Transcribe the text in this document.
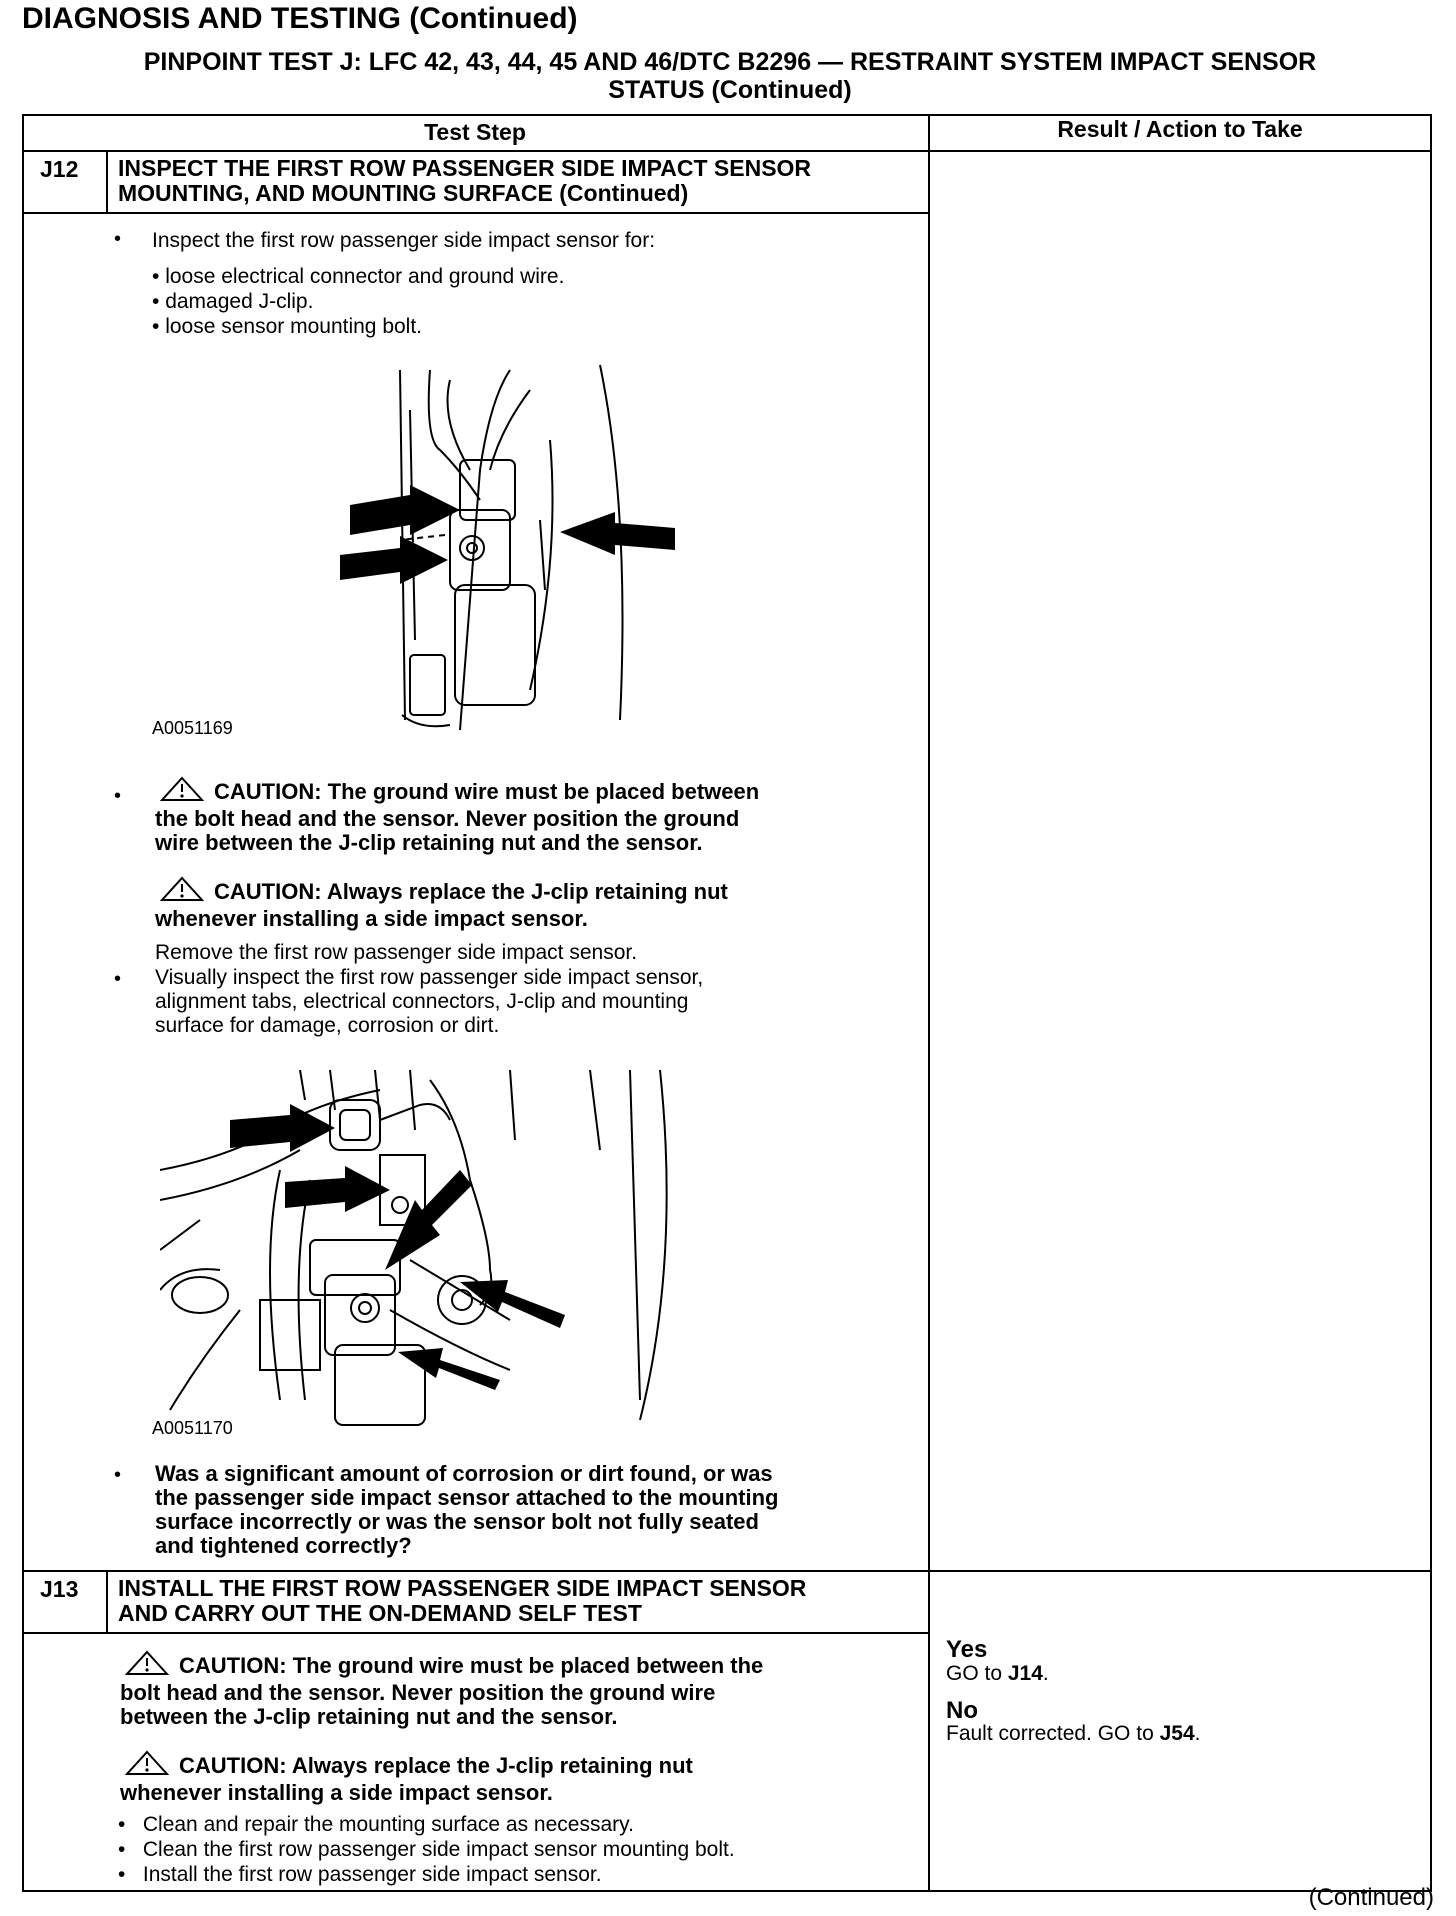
DIAGNOSIS AND TESTING (Continued)
PINPOINT TEST J: LFC 42, 43, 44, 45 AND 46/DTC B2296 — RESTRAINT SYSTEM IMPACT SENSOR
STATUS (Continued)
Test Step	Result / Action to Take
J12 INSPECT THE FIRST ROW PASSENGER SIDE IMPACT SENSOR
MOUNTING, AND MOUNTING SURFACE (Continued)
• Inspect the first row passenger side impact sensor for:
• loose electrical connector and ground wire.
• damaged J-clip.
• loose sensor mounting bolt.
A0051169
•	CAUTION: The ground wire must be placed between
the bolt head and the sensor. Never position the ground
wire between the J-clip retaining nut and the sensor.
CAUTION: Always replace the J-clip retaining nut
whenever installing a side impact sensor.
Remove the first row passenger side impact sensor.
• Visually inspect the first row passenger side impact sensor,
alignment tabs, electrical connectors, J-clip and mounting
surface for damage, corrosion or dirt.
A0051170
• Was a significant amount of corrosion or dirt found, or was
the passenger side impact sensor attached to the mounting
surface incorrectly or was the sensor bolt not fully seated
and tightened correctly?
J13 INSTALL THE FIRST ROW PASSENGER SIDE IMPACT SENSOR
AND CARRY OUT THE ON-DEMAND SELF TEST
CAUTION: The ground wire must be placed between the
bolt head and the sensor. Never position the ground wire
between the J-clip retaining nut and the sensor.
CAUTION: Always replace the J-clip retaining nut
whenever installing a side impact sensor.
•   Clean and repair the mounting surface as necessary.
•   Clean the first row passenger side impact sensor mounting bolt.
•   Install the first row passenger side impact sensor.
Yes
GO to J14.
No
Fault corrected. GO to J54.
(Continued)
